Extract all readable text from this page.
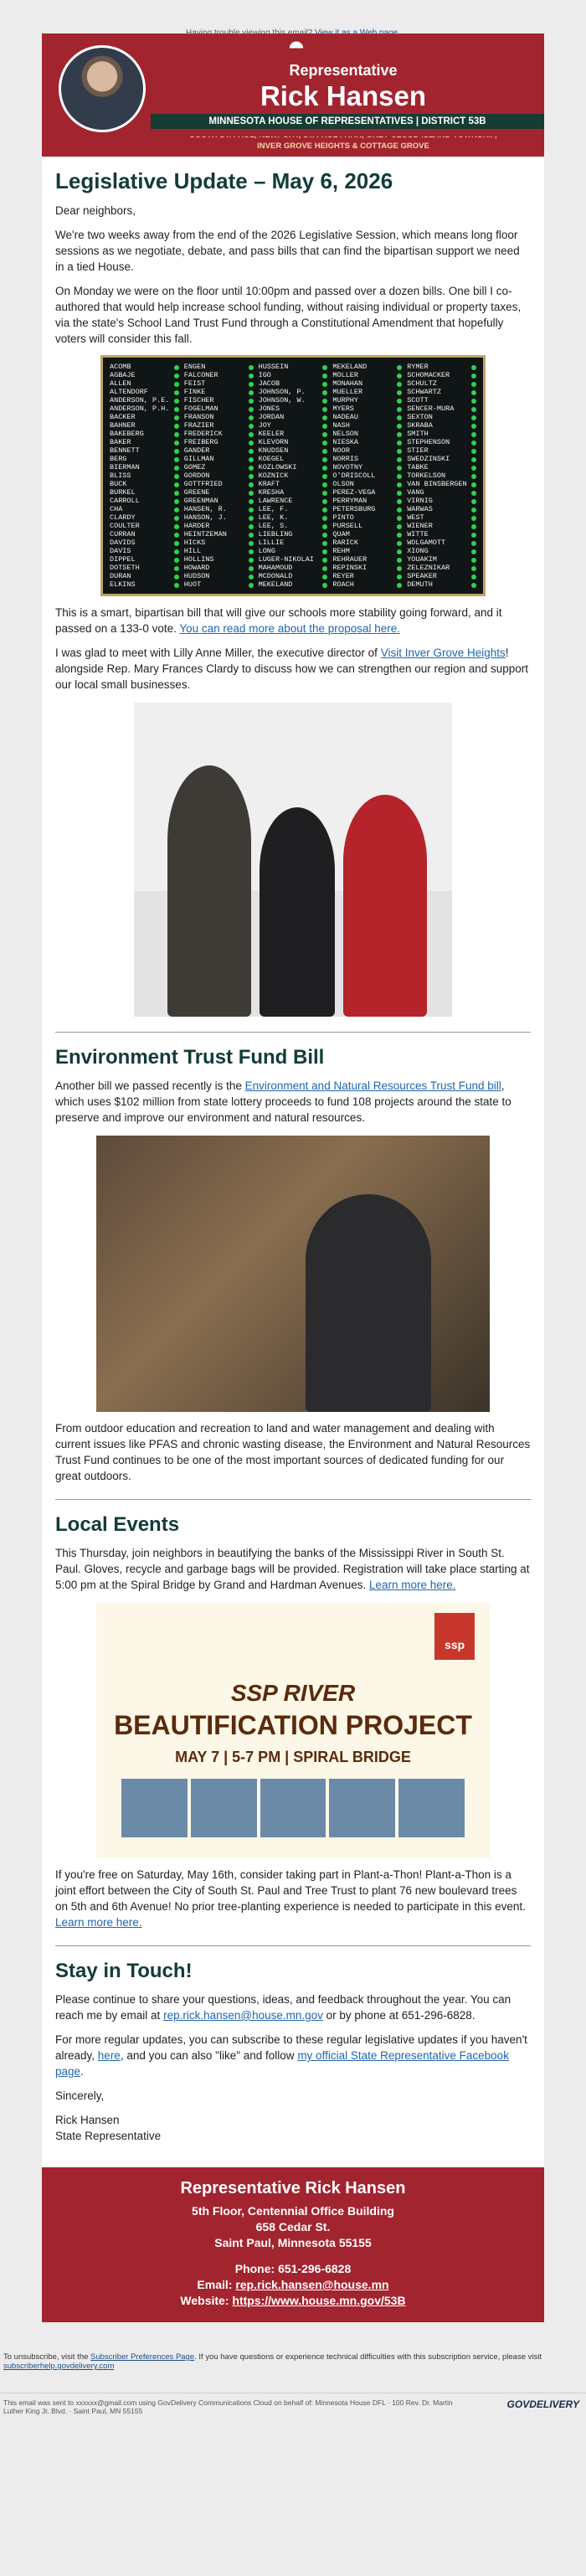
⯊
Representative
Rick Hansen
MINNESOTA HOUSE OF REPRESENTATIVES | DISTRICT 53B
INVER GROVE HEIGHTS & COTTAGE GROVE
Legislative Update – May 6, 2026

Dear neighbors,

We're two weeks away from the end of the 2026 Legislative Session, which means long floor sessions as we negotiate, debate, and pass bills that can find the bipartisan support we need in a tied House.

On Monday we were on the floor until 10:00pm and passed over a dozen bills. One bill I co-authored that would help increase school funding, without raising individual or property taxes, via the state's School Land Trust Fund through a Constitutional Amendment that hopefully voters will consider this fall.

ACOMB
AGBAJE
ALLEN
ALTENDORF
ANDERSON, P.E.
ANDERSON, P.H.
BACKER
BAHNER
BAKEBERG
BAKER
BENNETT
BERG
BIERMAN
BLISS
BUCK
BURKEL
CARROLL
CHA
CLARDY
COULTER
CURRAN
DAVIDS
DAVIS
DIPPEL
DOTSETH
DURAN
ELKINS
ENGEN
FALCONER
FEIST
FINKE
FISCHER
FOGELMAN
FRANSON
FRAZIER
FREDERICK
FREIBERG
GANDER
GILLMAN
GOMEZ
GORDON
GOTTFRIED
GREENE
GREENMAN
HANSEN, R.
HANSON, J.
HARDER
HEINTZEMAN
HICKS
HILL
HOLLINS
HOWARD
HUDSON
HUOT
HUSSEIN
IGO
JACOB
JOHNSON, P.
JOHNSON, W.
JONES
JORDAN
JOY
KEELER
KLEVORN
KNUDSEN
KOEGEL
KOZLOWSKI
KOZNICK
KRAFT
KRESHA
LAWRENCE
LEE, F.
LEE, K.
LEE, S.
LIEBLING
LILLIE
LONG
LUGER-NIKOLAI
MAHAMOUD
MCDONALD
MEKELAND
MEKELAND
MOLLER
MONAHAN
MUELLER
MURPHY
MYERS
NADEAU
NASH
NELSON
NIESKA
NOOR
NORRIS
NOVOTNY
O'DRISCOLL
OLSON
PEREZ-VEGA
PERRYMAN
PETERSBURG
PINTO
PURSELL
QUAM
RARICK
REHM
REHRAUER
REPINSKI
REYER
ROACH
RYMER
SCHOMACKER
SCHULTZ
SCHWARTZ
SCOTT
SENCER-MURA
SEXTON
SKRABA
SMITH
STEPHENSON
STIER
SWEDZINSKI
TABKE
TORKELSON
VAN BINSBERGEN
VANG
VIRNIG
WARWAS
WEST
WIENER
WITTE
WOLGAMOTT
XIONG
YOUAKIM
ZELEZNIKAR
SPEAKER
DEMUTH

This is a smart, bipartisan bill that will give our schools more stability going forward, and it passed on a 133-0 vote. You can read more about the proposal here.

I was glad to meet with Lilly Anne Miller, the executive director of Visit Inver Grove Heights! alongside Rep. Mary Frances Clardy to discuss how we can strengthen our region and support our local small businesses.

Environment Trust Fund Bill

Another bill we passed recently is the Environment and Natural Resources Trust Fund bill, which uses $102 million from state lottery proceeds to fund 108 projects around the state to preserve and improve our environment and natural resources.

From outdoor education and recreation to land and water management and dealing with current issues like PFAS and chronic wasting disease, the Environment and Natural Resources Trust Fund continues to be one of the most important sources of dedicated funding for our great outdoors.

Local Events

This Thursday, join neighbors in beautifying the banks of the Mississippi River in South St. Paul. Gloves, recycle and garbage bags will be provided. Registration will take place starting at 5:00 pm at the Spiral Bridge by Grand and Hardman Avenues. Learn more here.

ssp
SSP RIVER
BEAUTIFICATION PROJECT
MAY 7 | 5-7 PM | SPIRAL BRIDGE

If you're free on Saturday, May 16th, consider taking part in Plant-a-Thon! Plant-a-Thon is a joint effort between the City of South St. Paul and Tree Trust to plant 76 new boulevard trees on 5th and 6th Avenue! No prior tree-planting experience is needed to participate in this event. Learn more here.

Stay in Touch!

Please continue to share your questions, ideas, and feedback throughout the year. You can reach me by email at rep.rick.hansen@house.mn.gov or by phone at 651-296-6828.

For more regular updates, you can subscribe to these regular legislative updates if you haven't already, here, and you can also "like" and follow my official State Representative Facebook page.

Sincerely,

Rick Hansen
State Representative

Representative Rick Hansen
5th Floor, Centennial Office Building
658 Cedar St.
Saint Paul, Minnesota 55155
Phone: 651-296-6828
Email: rep.rick.hansen@house.mn
Website: https://www.house.mn.gov/53B
To unsubscribe, visit the Subscriber Preferences Page. If you have questions or experience technical difficulties with this subscription service, please visit subscriberhelp.govdelivery.com
This email was sent to xxxxxx@gmail.com using GovDelivery Communications Cloud on behalf of: Minnesota House DFL · 100 Rev. Dr. Martin Luther King Jr. Blvd. · Saint Paul, MN 55155
GOVDELIVERY
